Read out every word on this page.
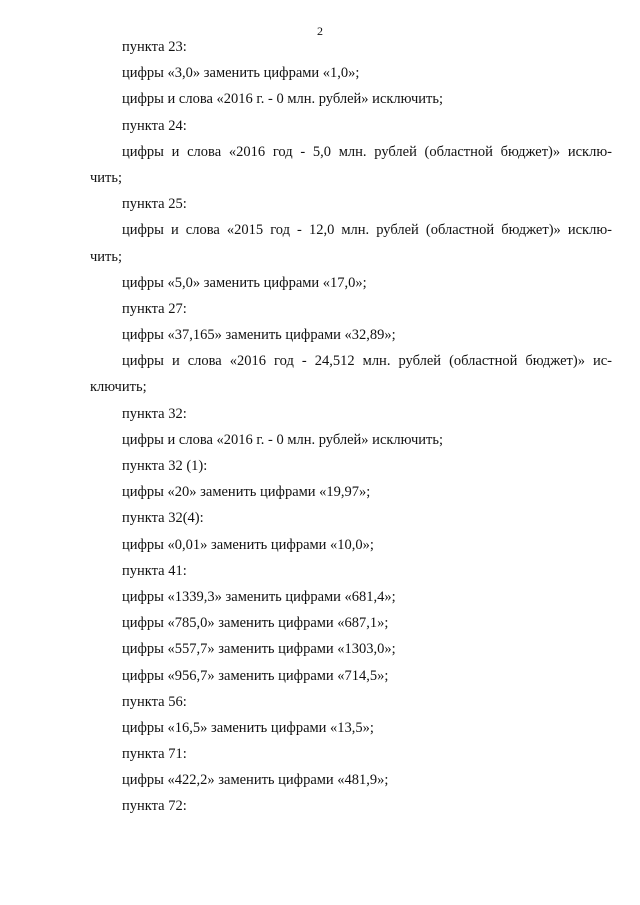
2
пункта 23:
цифры «3,0» заменить цифрами «1,0»;
цифры и слова «2016 г. - 0 млн. рублей» исключить;
пункта 24:
цифры и слова «2016 год - 5,0 млн. рублей (областной бюджет)» исклю-
чить;
пункта 25:
цифры и слова «2015 год - 12,0 млн. рублей (областной бюджет)» исклю-
чить;
цифры «5,0» заменить цифрами «17,0»;
пункта 27:
цифры «37,165» заменить цифрами «32,89»;
цифры и слова «2016 год - 24,512 млн. рублей (областной бюджет)» ис-
ключить;
пункта 32:
цифры и слова «2016 г. - 0 млн. рублей» исключить;
пункта 32 (1):
цифры «20» заменить цифрами «19,97»;
пункта 32(4):
цифры «0,01» заменить цифрами «10,0»;
пункта 41:
цифры «1339,3» заменить цифрами «681,4»;
цифры «785,0» заменить цифрами «687,1»;
цифры «557,7» заменить цифрами «1303,0»;
цифры «956,7» заменить цифрами «714,5»;
пункта 56:
цифры «16,5» заменить цифрами «13,5»;
пункта 71:
цифры «422,2» заменить цифрами «481,9»;
пункта 72:
